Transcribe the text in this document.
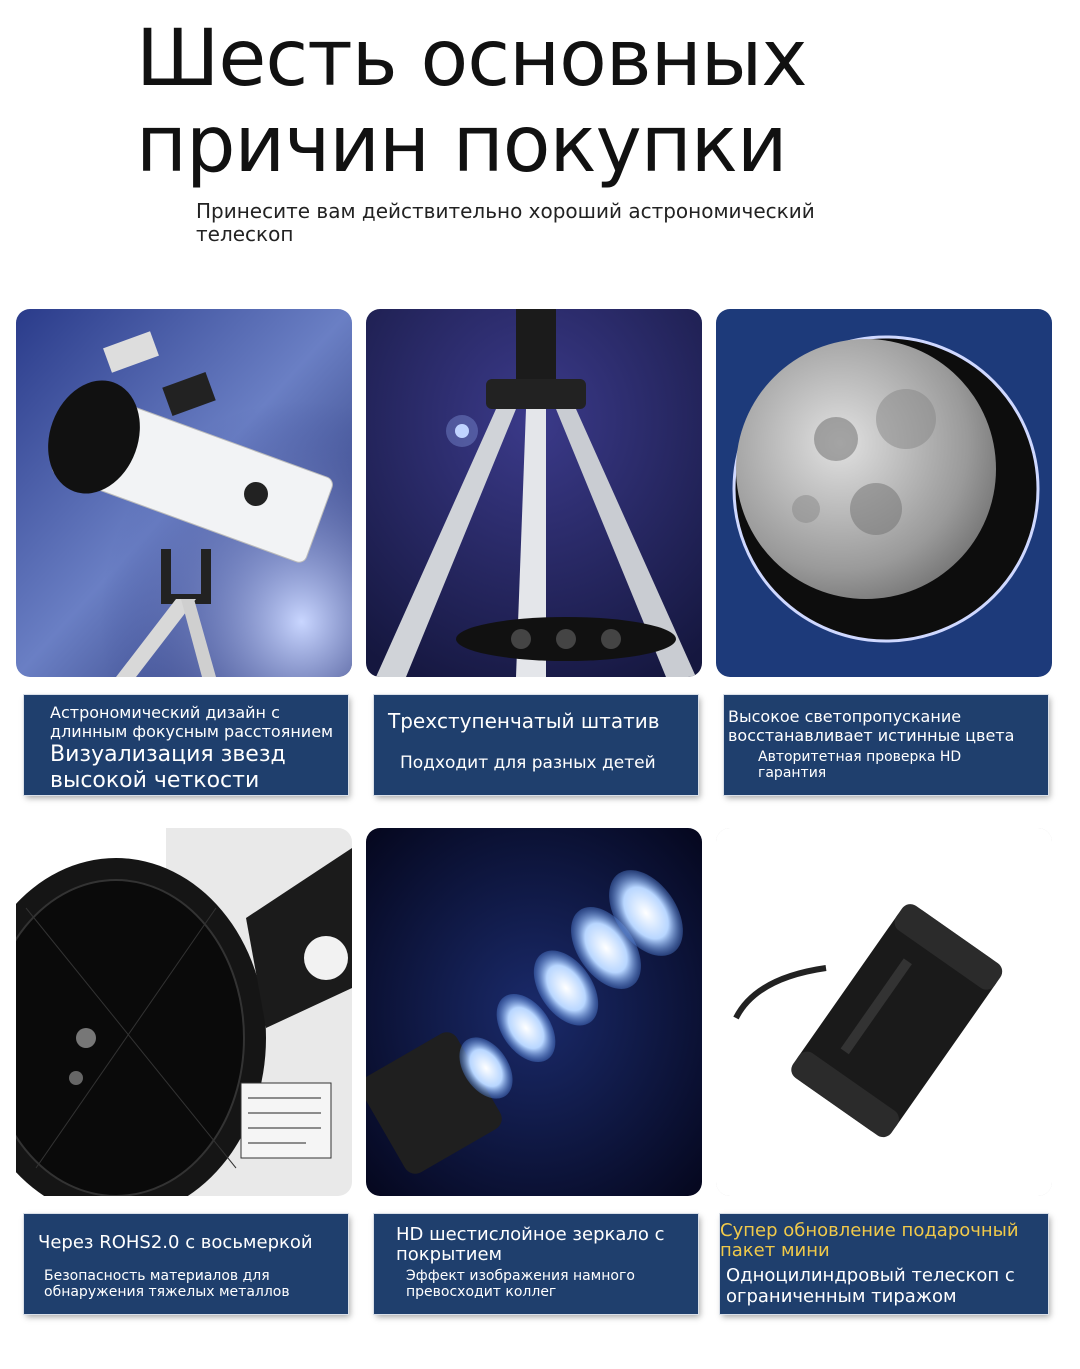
Шесть основных
причин покупки
Принесите вам действительно хороший астрономический
телескоп
Астрономический дизайн с
длинным фокусным расстоянием
Визуализация звезд
высокой четкости
Трехступенчатый штатив
Подходит для разных детей
Высокое светопропускание
восстанавливает истинные цвета
Авторитетная проверка HD
гарантия
Через ROHS2.0 с восьмеркой
Безопасность материалов для
обнаружения тяжелых металлов
HD шестислойное зеркало с
покрытием
Эффект изображения намного
превосходит коллег
Супер обновление подарочный
пакет мини
Одноцилиндровый телескоп с
ограниченным тиражом
